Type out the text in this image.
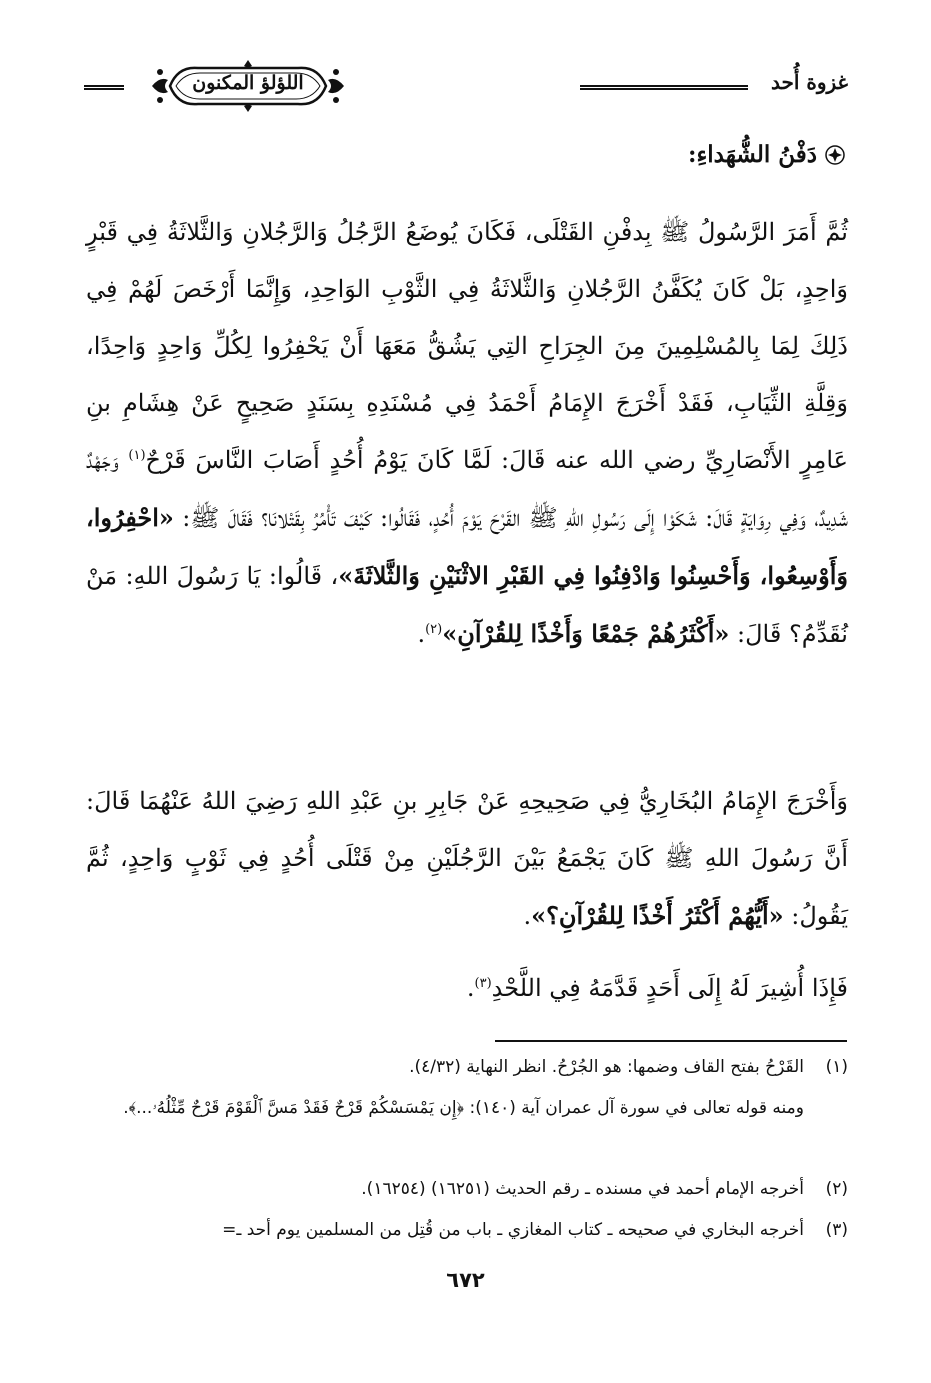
غزوة أُحد
اللؤلؤ المكنون
دَفْنُ الشُّهَداءِ:

ثُمَّ أَمَرَ الرَّسُولُ ﷺ بِدفْنِ القَتْلَى، فَكَانَ يُوضَعُ الرَّجُلُ وَالرَّجُلانِ وَالثَّلاثَةُ فِي قَبْرٍ وَاحِدٍ، بَلْ كَانَ يُكَفَّنُ الرَّجُلانِ وَالثَّلاثَةُ فِي الثَّوْبِ الوَاحِدِ، وَإِنَّمَا أَرْخَصَ لَهُمْ فِي ذَلِكَ لِمَا بِالمُسْلِمِينَ مِنَ الجِرَاحِ التِي يَشُقُّ مَعَهَا أَنْ يَحْفِرُوا لِكُلِّ وَاحِدٍ وَاحِدًا، وَقِلَّةِ الثِّيَابِ، فَقَدْ أَخْرَجَ الإِمَامُ أَحْمَدُ فِي مُسْنَدِهِ بِسَنَدٍ صَحِيحٍ عَنْ هِشَامِ بنِ عَامِرٍ الأَنْصَارِيِّ رضي الله عنه قَالَ: لَمَّا كَانَ يَوْمُ أُحُدٍ أَصَابَ النَّاسَ قَرْحٌ$^{(١)}$ وَجَهْدٌ شَدِيدٌ، وَفِي رِوَايَةٍ قَالَ: شَكَوْا إِلَى رَسُولِ اللهِ ﷺ القَرْحَ يَوْمَ أُحُدٍ، فَقَالُوا: كَيْفَ تَأْمُرُ بِقَتْلانَا؟ فَقَالَ ﷺ: «احْفِرُوا، وَأَوْسِعُوا، وَأَحْسِنُوا وَادْفِنُوا فِي القَبْرِ الاثْنَيْنِ وَالثَّلاثَةَ»، قَالُوا: يَا رَسُولَ اللهِ: مَنْ نُقَدِّمُ؟ قَالَ: «أَكْثَرُهُمْ جَمْعًا وَأَخْذًا لِلقُرْآنِ»$^{(٢)}$.

وَأَخْرَجَ الإِمَامُ البُخَارِيُّ فِي صَحِيحِهِ عَنْ جَابِرِ بنِ عَبْدِ اللهِ رَضِيَ اللهُ عَنْهُمَا قَالَ: أَنَّ رَسُولَ اللهِ ﷺ كَانَ يَجْمَعُ بَيْنَ الرَّجُلَيْنِ مِنْ قَتْلَى أُحُدٍ فِي ثَوْبٍ وَاحِدٍ، ثُمَّ يَقُولُ: «أَيُّهُمْ أَكْثَرُ أَخْذًا لِلقُرْآنِ؟».

فَإِذَا أُشِيرَ لَهُ إِلَى أَحَدٍ قَدَّمَهُ فِي اللَّحْدِ$^{(٣)}$.

(١)القَرْحُ بفتح القاف وضمها: هو الجُرْحُ. انظر النهاية (٤/٣٢).

ومنه قوله تعالى في سورة آل عمران آية (١٤٠): ﴿إِن يَمْسَسْكُمْ قَرْحٌ فَقَدْ مَسَّ ٱلْقَوْمَ قَرْحٌ مِّثْلُهُۥ...﴾.

(٢)أخرجه الإمام أحمد في مسنده ـ رقم الحديث (١٦٢٥١) (١٦٢٥٤).

(٣)أخرجه البخاري في صحيحه ـ كتاب المغازي ـ باب من قُتِل من المسلمين يوم أحد ـ=

٦٧٢
